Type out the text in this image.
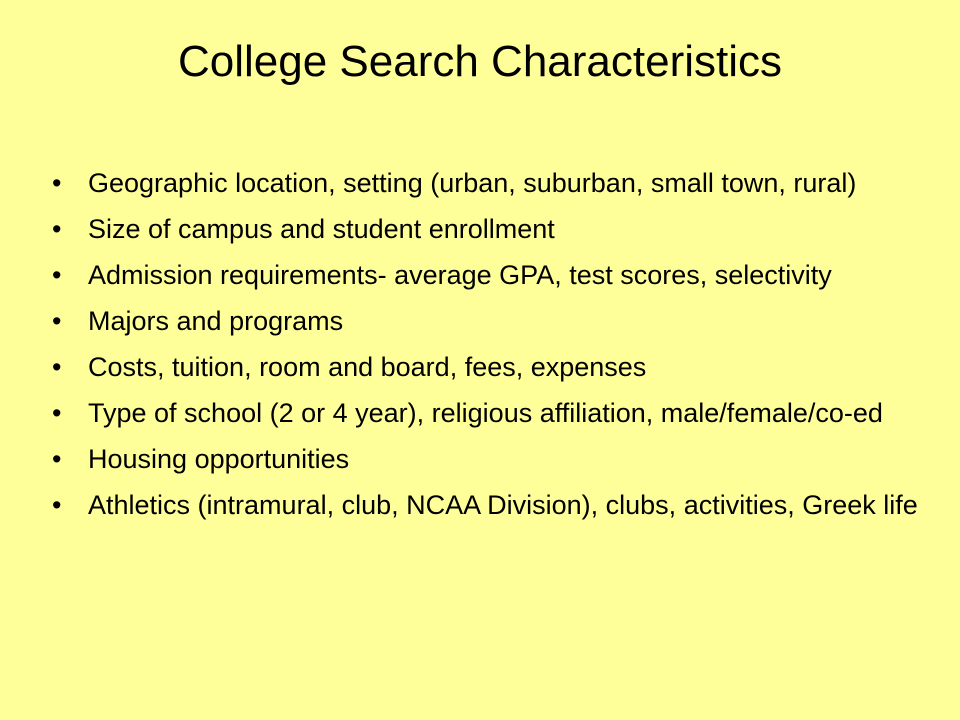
College Search Characteristics
• Geographic location, setting (urban, suburban, small town, rural)
• Size of campus and student enrollment
• Admission requirements- average GPA, test scores, selectivity
• Majors and programs
• Costs, tuition, room and board, fees, expenses
• Type of school (2 or 4 year), religious affiliation, male/female/co-ed
• Housing opportunities
• Athletics (intramural, club, NCAA Division), clubs, activities, Greek life
